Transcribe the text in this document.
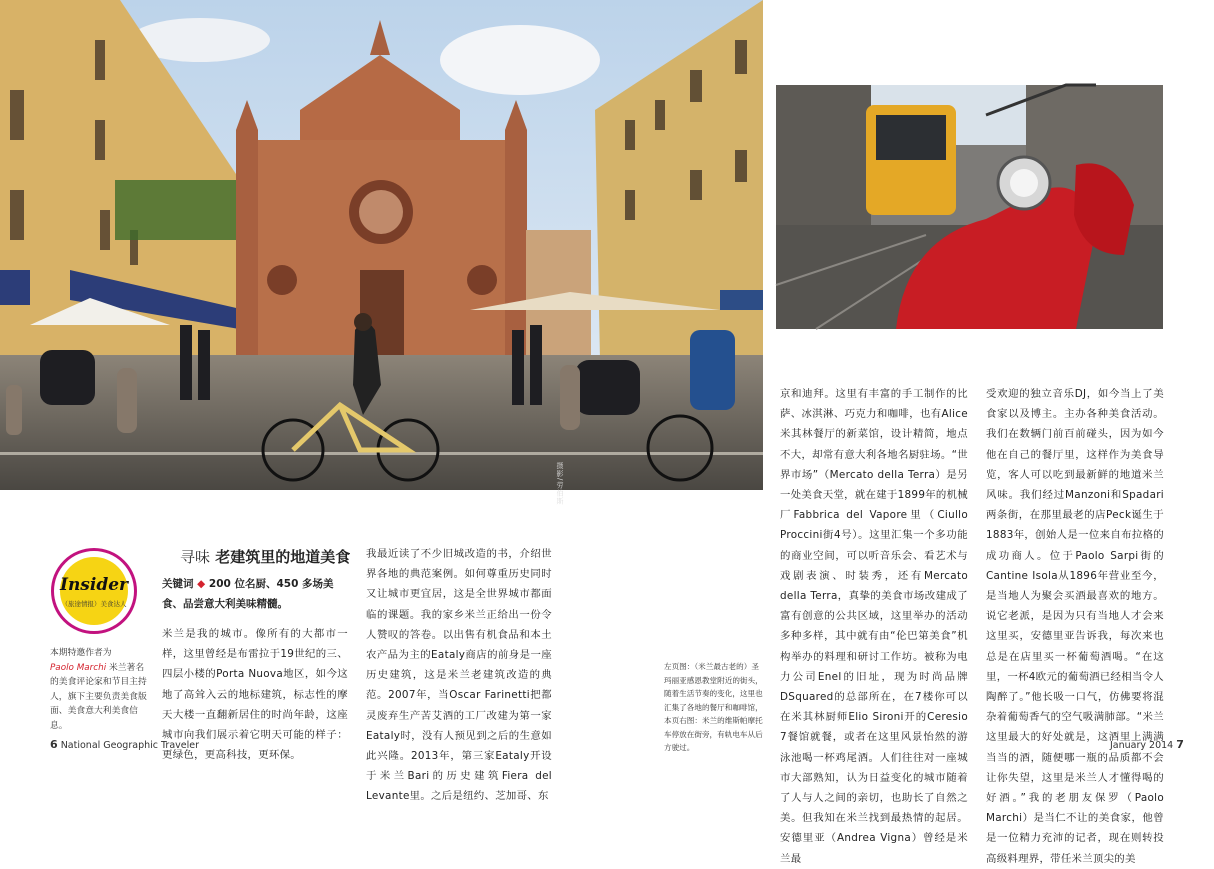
摄影/劳伯斯
Insider
（旅途情报）美食达人
本期特邀作者为
Paolo Marchi 米兰著名的美食评论家和节目主持人，旗下主要负责美食版面、美食意大利美食信息。
寻味 老建筑里的地道美食
关键词 ◆ 200 位名厨、450 多场美食、品尝意大利美味精髓。

米兰是我的城市。像所有的大都市一样，这里曾经是布雷拉于19世纪的三、四层小楼的Porta Nuova地区，如今这地了高耸入云的地标建筑，标志性的摩天大楼一直翻新居住的时尚年龄，这座城市向我们展示着它明天可能的样子：更绿色，更高科技，更环保。

我最近读了不少旧城改造的书，介绍世界各地的典范案例。如何尊重历史同时又让城市更宜居，这是全世界城市都面临的课题。我的家乡米兰正给出一份令人赞叹的答卷。以出售有机食品和本土农产品为主的Eataly商店的前身是一座历史建筑，这是米兰老建筑改造的典范。2007年，当Oscar Farinetti把都灵废弃生产苦艾酒的工厂改建为第一家Eataly时，没有人预见到之后的生意如此兴隆。2013年，第三家Eataly开设于米兰Bari的历史建筑Fiera del Levante里。之后是纽约、芝加哥、东

左页图：（米兰最古老的）圣玛丽亚感恩教堂附近的街头，随着生活节奏的变化，这里也汇集了各地的餐厅和咖啡馆，本页右图：米兰的维斯帕摩托车停放在街旁，有轨电车从后方驶过。

京和迪拜。这里有丰富的手工制作的比萨、冰淇淋、巧克力和咖啡，也有Alice米其林餐厅的新菜馆，设计精简，地点不大，却常有意大利各地名厨驻场。“世界市场”（Mercato della Terra）是另一处美食天堂，就在建于1899年的机械厂Fabbrica del Vapore里（Ciullo Proccini街4号）。这里汇集一个多功能的商业空间，可以听音乐会、看艺术与戏剧表演、时装秀，还有Mercato della Terra，真挚的美食市场改建成了富有创意的公共区域，这里举办的活动多种多样，其中就有由“伦巴第美食”机构举办的料理和研讨工作坊。被称为电力公司Enel的旧址，现为时尚品牌DSquared的总部所在，在7楼你可以在米其林厨师Elio Sironi开的Ceresio 7餐馆就餐，或者在这里风景怡然的游泳池喝一杯鸡尾酒。人们往往对一座城市大部熟知，认为日益变化的城市随着了人与人之间的亲切，也助长了自然之美。但我知在米兰找到最热情的起居。安德里亚（Andrea Vigna）曾经是米兰最

受欢迎的独立音乐DJ，如今当上了美食家以及博主。主办各种美食活动。我们在数辆门前百前碰头，因为如今他在自己的餐厅里，这样作为美食导览，客人可以吃到最新鲜的地道米兰风味。我们经过Manzoni和Spadari两条街，在那里最老的店Peck诞生于1883年，创始人是一位来自布拉格的成功商人。位于Paolo Sarpi街的Cantine Isola从1896年营业至今，是当地人为聚会买酒最喜欢的地方。说它老派，是因为只有当地人才会来这里买，安德里亚告诉我，每次来也总是在店里买一杯葡萄酒喝。“在这里，一杯4欧元的葡萄酒已经相当令人陶醉了。”他长吸一口气，仿佛要将混杂着葡萄香气的空气吸满肺部。“米兰这里最大的好处就是，这酒里上满满当当的酒，随便哪一瓶的品质都不会让你失望，这里是米兰人才懂得喝的好酒。”我的老朋友保罗（Paolo Marchi）是当仁不让的美食家，他曾是一位精力充沛的记者，现在则转投高级料理界，带任米兰顶尖的美

6 National Geographic Traveler	January 2014 7
